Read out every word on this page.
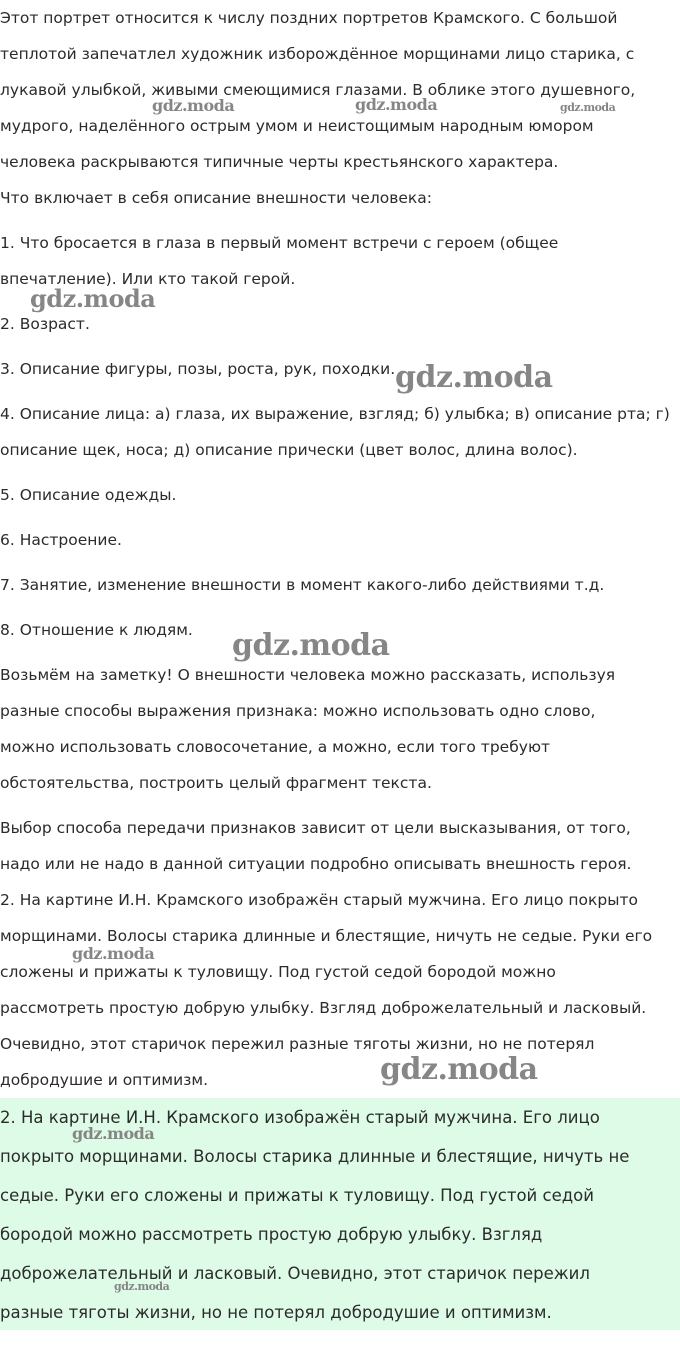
Этот портрет относится к числу поздних портретов Крамского. С большой
теплотой запечатлел художник изборождённое морщинами лицо старика, с
лукавой улыбкой, живыми смеющимися глазами. В облике этого душевного,
мудрого, наделённого острым умом и неистощимым народным юмором
человека раскрываются типичные черты крестьянского характера.

Что включает в себя описание внешности человека:

1. Что бросается в глаза в первый момент встречи с героем (общее
впечатление). Или кто такой герой.

2. Возраст.

3. Описание фигуры, позы, роста, рук, походки.

4. Описание лица: а) глаза, их выражение, взгляд; б) улыбка; в) описание рта; г)
описание щек, носа; д) описание прически (цвет волос, длина волос).

5. Описание одежды.

6. Настроение.

7. Занятие, изменение внешности в момент какого-либо действиями т.д.

8. Отношение к людям.

Возьмём на заметку! О внешности человека можно рассказать, используя
разные способы выражения признака: можно использовать одно слово,
можно использовать словосочетание, а можно, если того требуют
обстоятельства, построить целый фрагмент текста.

Выбор способа передачи признаков зависит от цели высказывания, от того,
надо или не надо в данной ситуации подробно описывать внешность героя.

2. На картине И.Н. Крамского изображён старый мужчина. Его лицо покрыто
морщинами. Волосы старика длинные и блестящие, ничуть не седые. Руки его
сложены и прижаты к туловищу. Под густой седой бородой можно
рассмотреть простую добрую улыбку. Взгляд доброжелательный и ласковый.
Очевидно, этот старичок пережил разные тяготы жизни, но не потерял
добродушие и оптимизм.

2. На картине И.Н. Крамского изображён старый мужчина. Его лицо
покрыто морщинами. Волосы старика длинные и блестящие, ничуть не
седые. Руки его сложены и прижаты к туловищу. Под густой седой
бородой можно рассмотреть простую добрую улыбку. Взгляд
доброжелательный и ласковый. Очевидно, этот старичок пережил
разные тяготы жизни, но не потерял добродушие и оптимизм.

gdz.moda	gdz.moda	gdz.moda
gdz.moda
gdz.moda
gdz.moda
gdz.moda
gdz.moda
gdz.moda
gdz.moda
